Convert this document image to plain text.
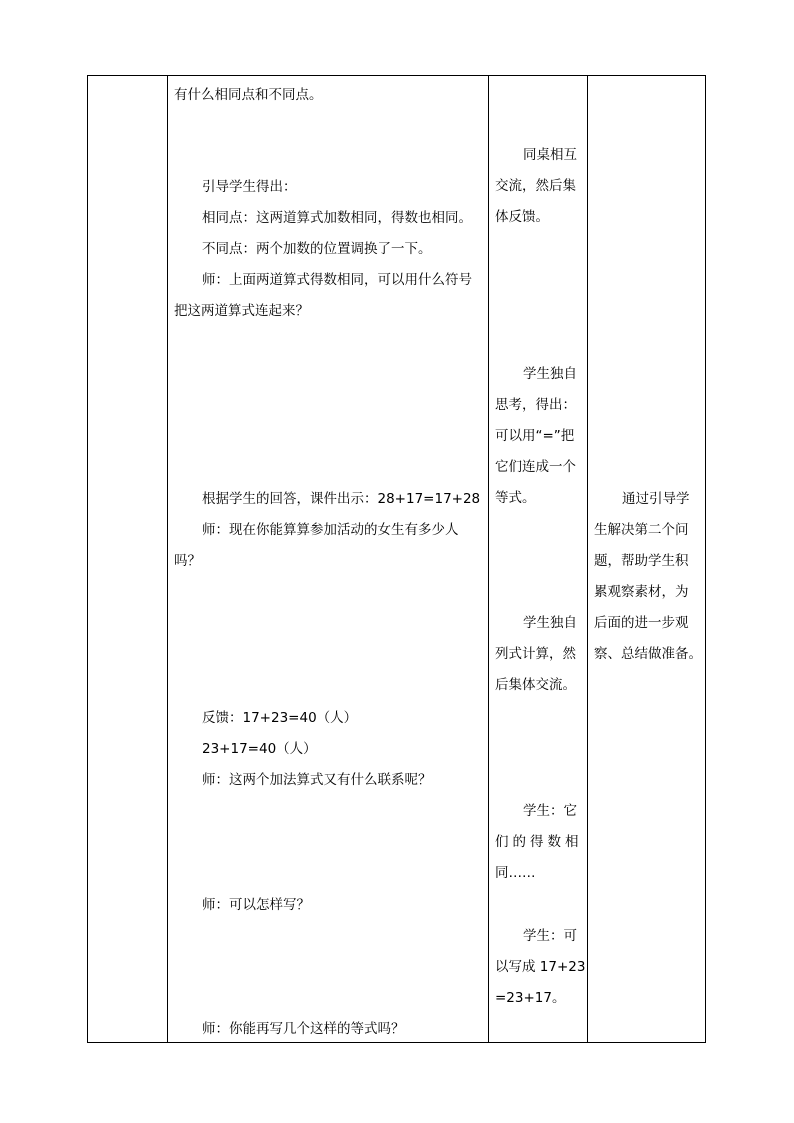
有什么相同点和不同点。
引导学生得出：
相同点：这两道算式加数相同，得数也相同。
不同点：两个加数的位置调换了一下。
师：上面两道算式得数相同，可以用什么符号
把这两道算式连起来？
根据学生的回答，课件出示：28+17=17+28
师：现在你能算算参加活动的女生有多少人
吗？
反馈：17+23=40（人）
23+17=40（人）
师：这两个加法算式又有什么联系呢？
师：可以怎样写？
师：你能再写几个这样的等式吗？
同桌相互
交流，然后集
体反馈。
学生独自
思考，得出：
可以用“=”把
它们连成一个
等式。
学生独自
列式计算，然
后集体交流。
学生：它
们的得数相
同……
学生：可
以写成 17+23
=23+17。
通过引导学
生解决第二个问
题，帮助学生积
累观察素材，为
后面的进一步观
察、总结做准备。
